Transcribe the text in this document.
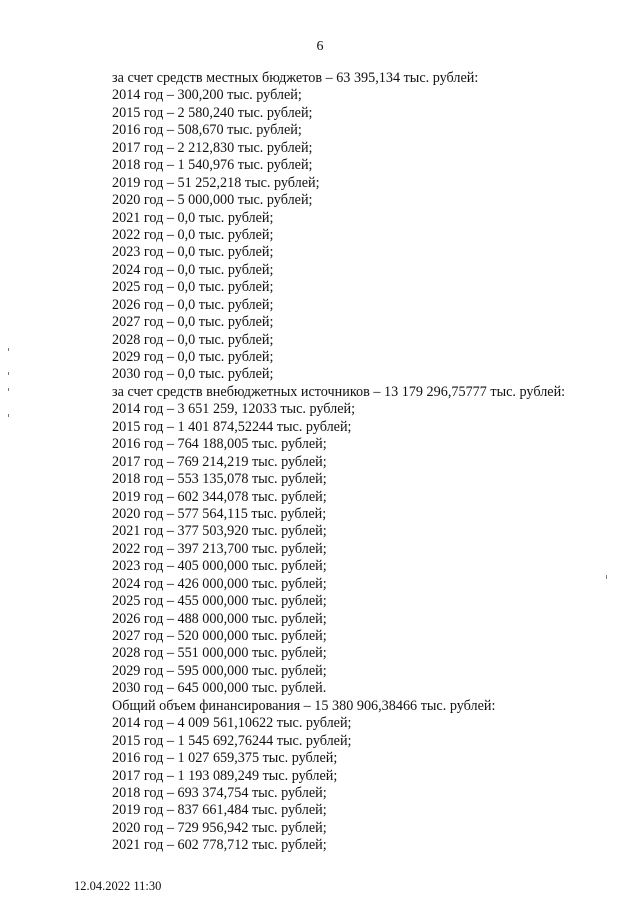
6
за счет средств местных бюджетов – 63 395,134 тыс. рублей:
2014 год – 300,200 тыс. рублей;
2015 год – 2 580,240 тыс. рублей;
2016 год – 508,670 тыс. рублей;
2017 год – 2 212,830 тыс. рублей;
2018 год – 1 540,976 тыс. рублей;
2019 год – 51 252,218 тыс. рублей;
2020 год – 5 000,000 тыс. рублей;
2021 год – 0,0 тыс. рублей;
2022 год – 0,0 тыс. рублей;
2023 год – 0,0 тыс. рублей;
2024 год – 0,0 тыс. рублей;
2025 год – 0,0 тыс. рублей;
2026 год – 0,0 тыс. рублей;
2027 год – 0,0 тыс. рублей;
2028 год – 0,0 тыс. рублей;
2029 год – 0,0 тыс. рублей;
2030 год – 0,0 тыс. рублей;
за счет средств внебюджетных источников – 13 179 296,75777 тыс. рублей:
2014 год – 3 651 259, 12033 тыс. рублей;
2015 год – 1 401 874,52244 тыс. рублей;
2016 год – 764 188,005 тыс. рублей;
2017 год – 769 214,219 тыс. рублей;
2018 год – 553 135,078 тыс. рублей;
2019 год – 602 344,078 тыс. рублей;
2020 год – 577 564,115 тыс. рублей;
2021 год – 377 503,920 тыс. рублей;
2022 год – 397 213,700 тыс. рублей;
2023 год – 405 000,000 тыс. рублей;
2024 год – 426 000,000 тыс. рублей;
2025 год – 455 000,000 тыс. рублей;
2026 год – 488 000,000 тыс. рублей;
2027 год – 520 000,000 тыс. рублей;
2028 год – 551 000,000 тыс. рублей;
2029 год – 595 000,000 тыс. рублей;
2030 год – 645 000,000 тыс. рублей.
Общий объем финансирования – 15 380 906,38466 тыс. рублей:
2014 год – 4 009 561,10622 тыс. рублей;
2015 год – 1 545 692,76244 тыс. рублей;
2016 год – 1 027 659,375 тыс. рублей;
2017 год – 1 193 089,249 тыс. рублей;
2018 год – 693 374,754 тыс. рублей;
2019 год – 837 661,484 тыс. рублей;
2020 год – 729 956,942 тыс. рублей;
2021 год – 602 778,712 тыс. рублей;
12.04.2022 11:30
